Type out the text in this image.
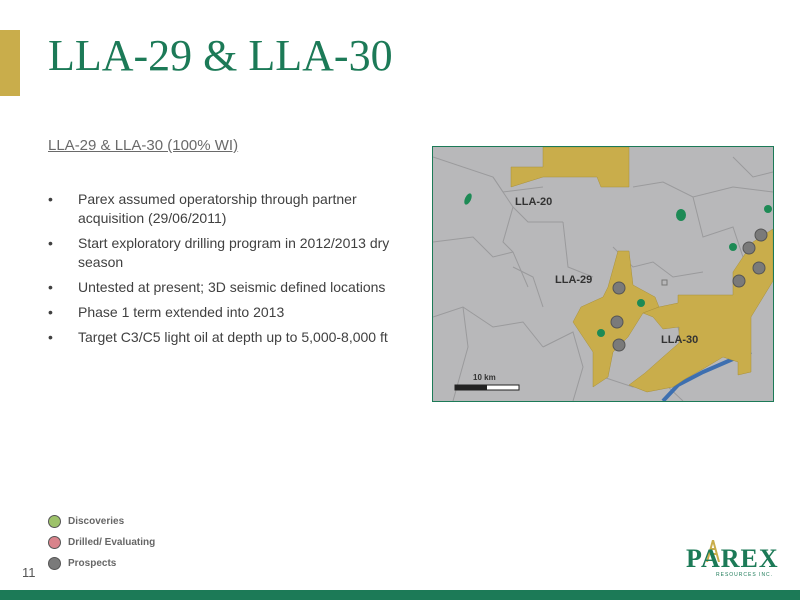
LLA-29 & LLA-30
LLA-29 & LLA-30 (100% WI)
• Parex assumed operatorship through partner acquisition (29/06/2011)
• Start exploratory drilling program in 2012/2013 dry season
• Untested at present; 3D seismic defined locations
• Phase 1 term extended into 2013
• Target C3/C5 light oil at depth up to 5,000-8,000 ft
LLA-20
LLA-29
LLA-30
10 km
Discoveries
Drilled/ Evaluating
Prospects
11	PAREX
RESOURCES INC.
